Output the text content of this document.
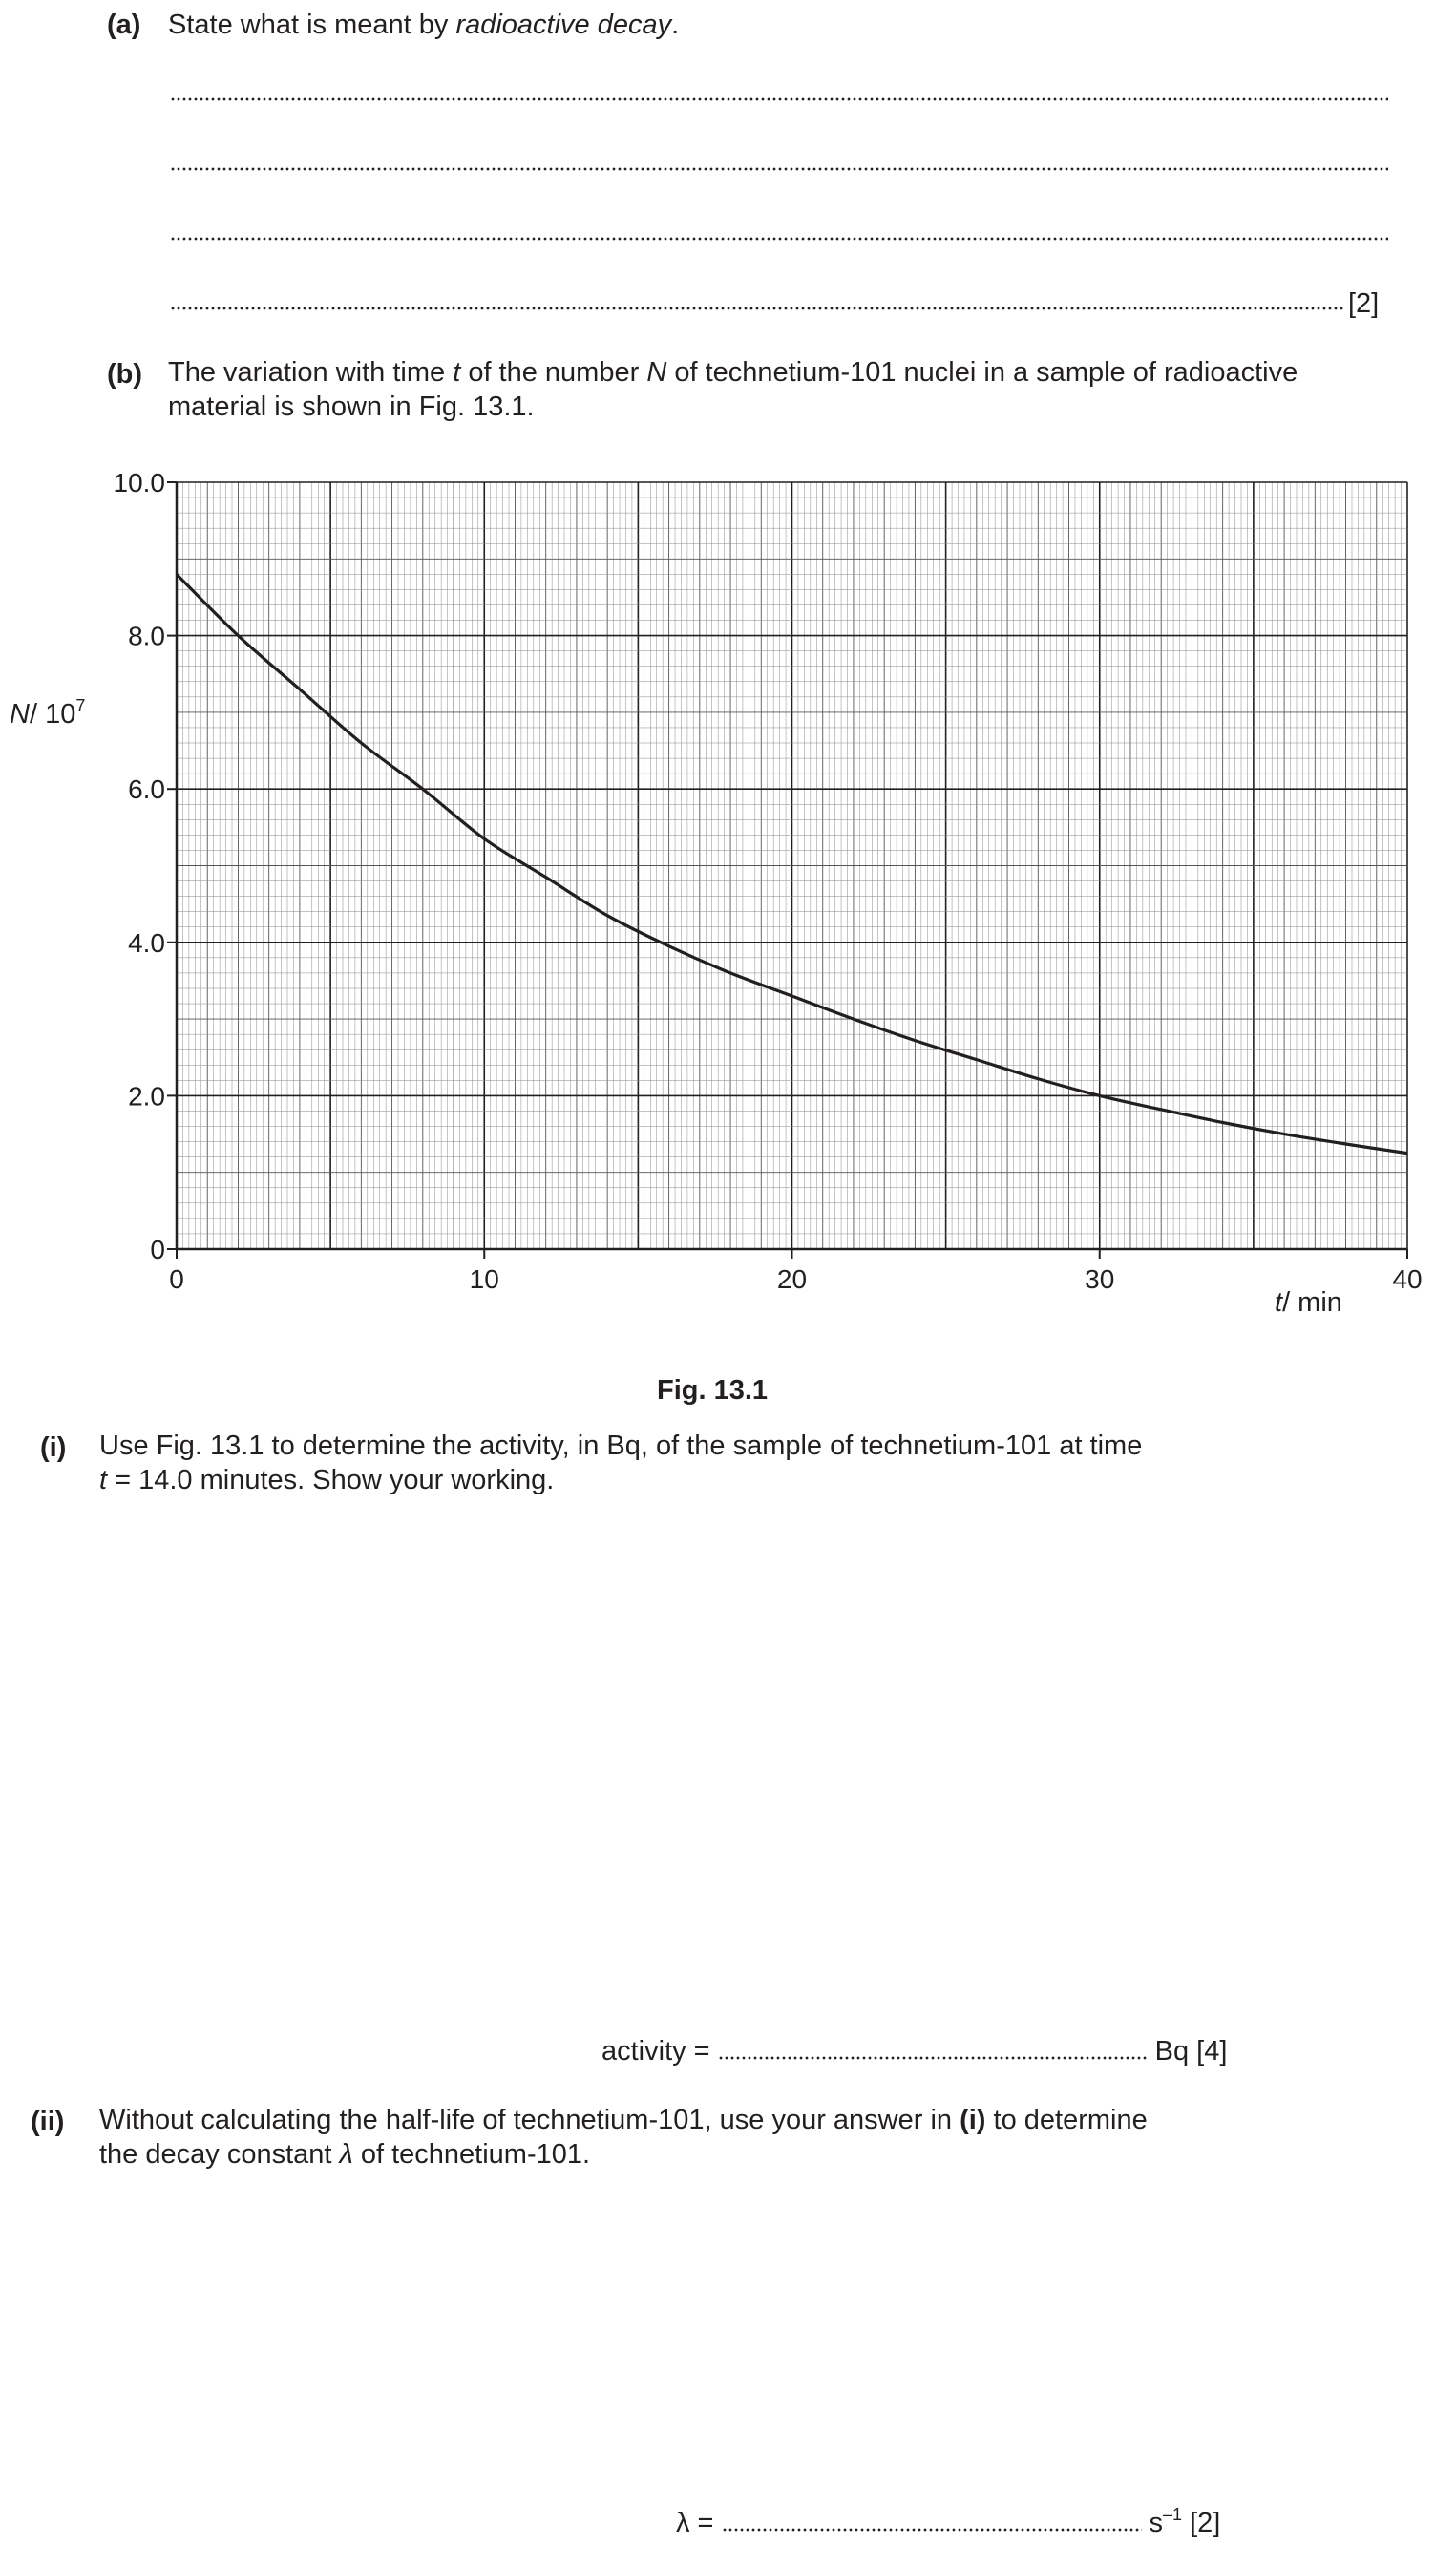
(a) State what is meant by radioactive decay.
[2]
(b) The variation with time t of the number N of technetium-101 nuclei in a sample of radioactive
material is shown in Fig. 13.1.
0
2.0
4.0
6.0
8.0
10.0
0	10	20	30	40
N/ $10^7$
t/ min
Fig. 13.1
(i) Use Fig. 13.1 to determine the activity, in Bq, of the sample of technetium-101 at time
t = 14.0 minutes. Show your working.
activity =	Bq [4]
(ii) Without calculating the half-life of technetium-101, use your answer in (i) to determine
the decay constant λ of technetium-101.
λ =	$s^{-1}$ [2]
